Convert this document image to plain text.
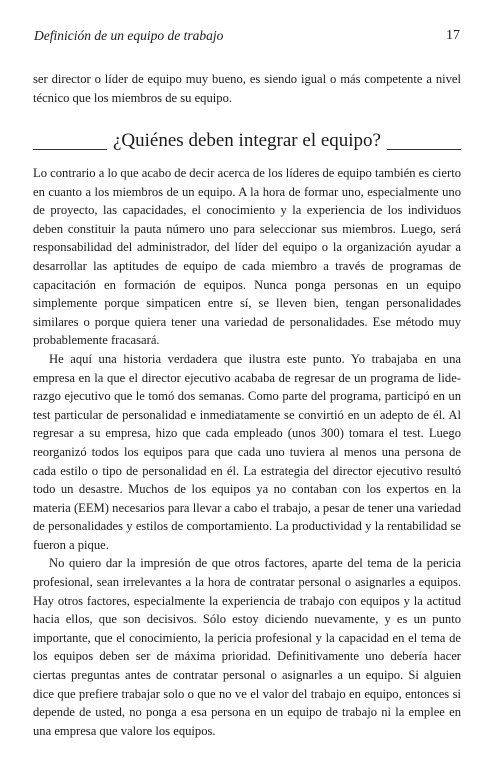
Definición de un equipo de trabajo	17

ser director o líder de equipo muy bueno, es siendo igual o más competente a nivel técnico que los miembros de su equipo.

¿Quiénes deben integrar el equipo?

Lo contrario a lo que acabo de decir acerca de los líderes de equipo también es cierto en cuanto a los miembros de un equipo. A la hora de formar uno, especialmente uno de proyecto, las capacidades, el conocimiento y la experiencia de los individuos deben constituir la pauta número uno para seleccionar sus miembros. Luego, será responsabilidad del administrador, del líder del equipo o la organización ayudar a desarrollar las aptitudes de equipo de cada miembro a través de programas de capacitación en formación de equipos. Nunca ponga personas en un equipo simplemente porque simpaticen entre sí, se lleven bien, tengan personalidades similares o porque quiera tener una variedad de personalidades. Ese método muy probablemente fracasará.

He aquí una historia verdadera que ilustra este punto. Yo trabajaba en una empresa en la que el director ejecutivo acababa de regresar de un programa de liderazgo ejecutivo que le tomó dos semanas. Como parte del programa, participó en un test particular de personalidad e inmediatamente se convirtió en un adepto de él. Al regresar a su empresa, hizo que cada empleado (unos 300) tomara el test. Luego reorganizó todos los equipos para que cada uno tuviera al menos una persona de cada estilo o tipo de personalidad en él. La estrategia del director ejecutivo resultó todo un desastre. Muchos de los equipos ya no contaban con los expertos en la materia (EEM) necesarios para llevar a cabo el trabajo, a pesar de tener una variedad de personalidades y estilos de comportamiento. La productividad y la rentabilidad se fueron a pique.

No quiero dar la impresión de que otros factores, aparte del tema de la pericia profesional, sean irrelevantes a la hora de contratar personal o asignarles a equipos. Hay otros factores, especialmente la experiencia de trabajo con equipos y la actitud hacia ellos, que son decisivos. Sólo estoy diciendo nuevamente, y es un punto importante, que el conocimiento, la pericia profesional y la capacidad en el tema de los equipos deben ser de máxima prioridad. Definitivamente uno debería hacer ciertas preguntas antes de contratar personal o asignarles a un equipo. Si alguien dice que prefiere trabajar solo o que no ve el valor del trabajo en equipo, entonces si depende de usted, no ponga a esa persona en un equipo de trabajo ni la emplee en una empresa que valore los equipos.
